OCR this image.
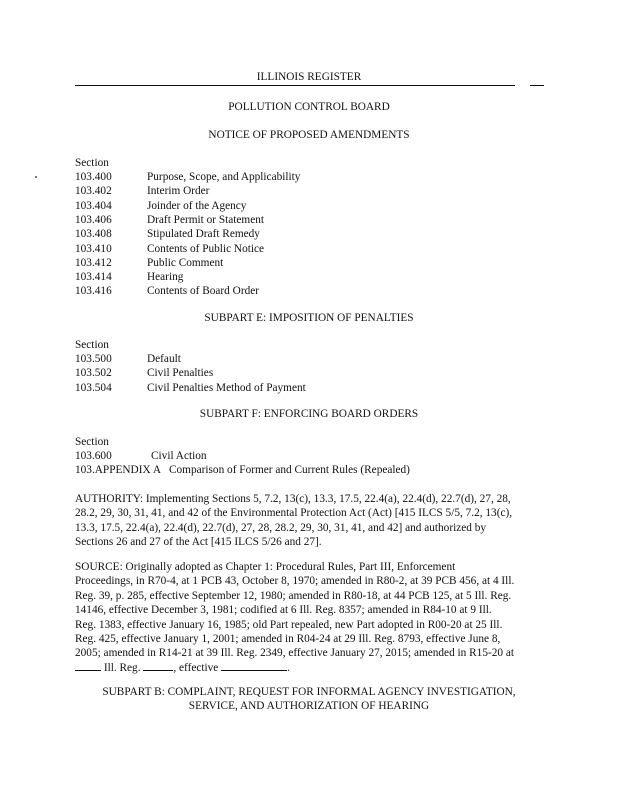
ILLINOIS REGISTER
POLLUTION CONTROL BOARD
NOTICE OF PROPOSED AMENDMENTS
Section
103.400	Purpose, Scope, and Applicability
103.402	Interim Order
103.404	Joinder of the Agency
103.406	Draft Permit or Statement
103.408	Stipulated Draft Remedy
103.410	Contents of Public Notice
103.412	Public Comment
103.414	Hearing
103.416	Contents of Board Order
SUBPART E: IMPOSITION OF PENALTIES
Section
103.500	Default
103.502	Civil Penalties
103.504	Civil Penalties Method of Payment
SUBPART F: ENFORCING BOARD ORDERS
Section
103.600	Civil Action
103.APPENDIX A Comparison of Former and Current Rules (Repealed)
AUTHORITY: Implementing Sections 5, 7.2, 13(c), 13.3, 17.5, 22.4(a), 22.4(d), 22.7(d), 27, 28,
28.2, 29, 30, 31, 41, and 42 of the Environmental Protection Act (Act) [415 ILCS 5/5, 7.2, 13(c),
13.3, 17.5, 22.4(a), 22.4(d), 22.7(d), 27, 28, 28.2, 29, 30, 31, 41, and 42] and authorized by
Sections 26 and 27 of the Act [415 ILCS 5/26 and 27].
SOURCE: Originally adopted as Chapter 1: Procedural Rules, Part III, Enforcement
Proceedings, in R70-4, at 1 PCB 43, October 8, 1970; amended in R80-2, at 39 PCB 456, at 4 Ill.
Reg. 39, p. 285, effective September 12, 1980; amended in R80-18, at 44 PCB 125, at 5 Ill. Reg.
14146, effective December 3, 1981; codified at 6 Ill. Reg. 8357; amended in R84-10 at 9 Ill.
Reg. 1383, effective January 16, 1985; old Part repealed, new Part adopted in R00-20 at 25 Ill.
Reg. 425, effective January 1, 2001; amended in R04-24 at 29 Ill. Reg. 8793, effective June 8,
2005; amended in R14-21 at 39 Ill. Reg. 2349, effective January 27, 2015; amended in R15-20 at
Ill. Reg.	, effective	.
SUBPART B: COMPLAINT, REQUEST FOR INFORMAL AGENCY INVESTIGATION,
SERVICE, AND AUTHORIZATION OF HEARING
